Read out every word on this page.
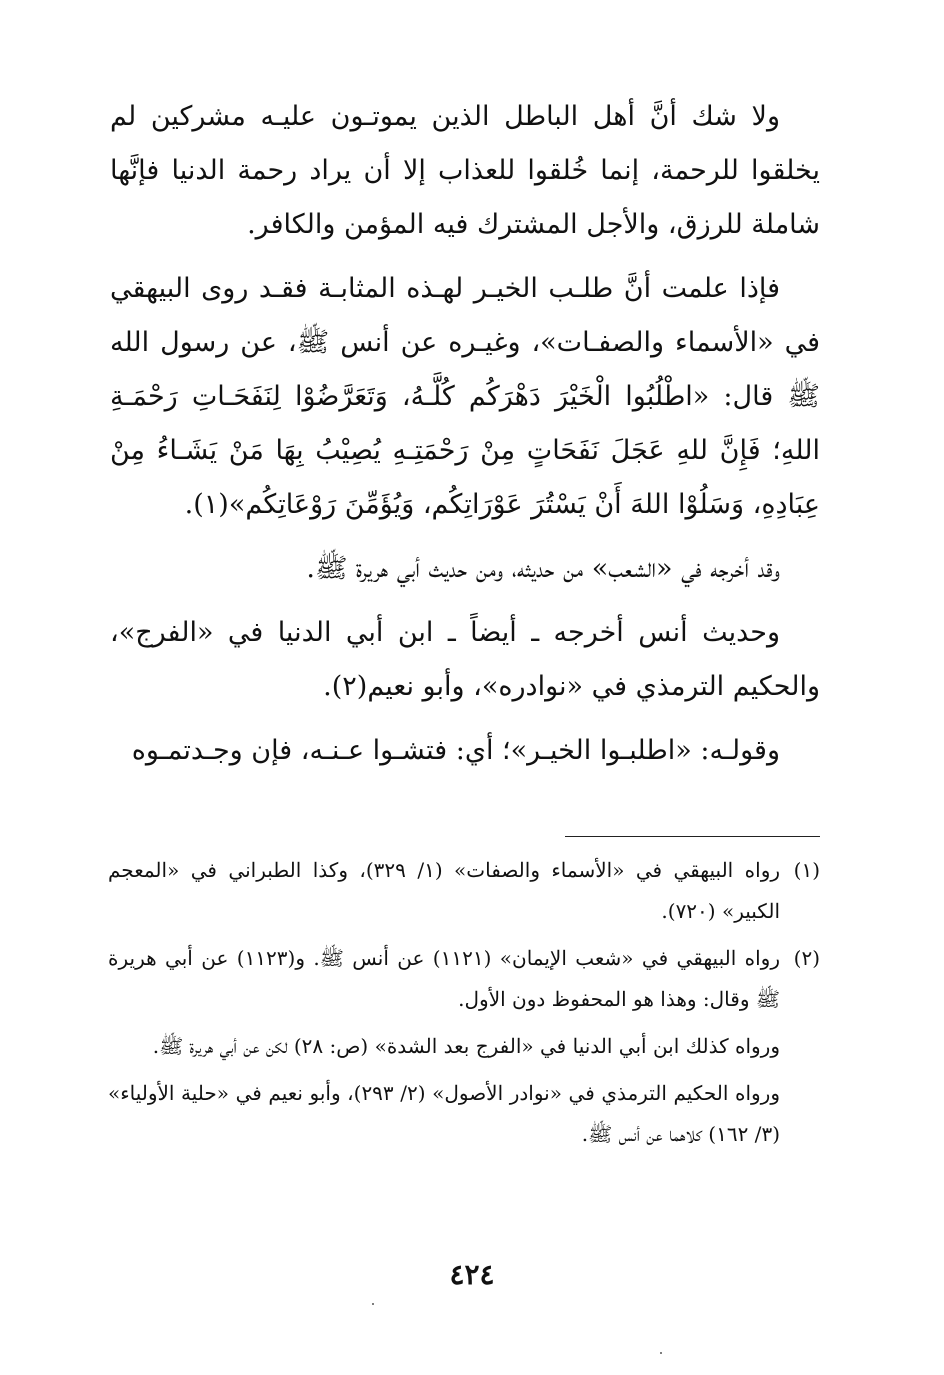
ولا شك أنَّ أهل الباطل الذين يموتـون عليـه مشركين لم يخلقوا للرحمة، إنما خُلقوا للعذاب إلا أن يراد رحمة الدنيا فإنَّها شاملة للرزق، والأجل المشترك فيه المؤمن والكافر.

فإذا علمت أنَّ طلـب الخيـر لهـذه المثابـة فقـد روى البيهقي في «الأسماء والصفـات»، وغيـره عن أنس ﷺ، عن رسول الله ﷺ قال: «اطْلُبُوا الْخَيْرَ دَهْرَكُم كُلَّـهُ، وَتَعَرَّضُوْا لِنَفَحَـاتِ رَحْمَـةِ اللهِ؛ فَإِنَّ للهِ عَجَلَ نَفَحَاتٍ مِنْ رَحْمَتِـهِ يُصِيْبُ بِهَا مَنْ يَشَـاءُ مِنْ عِبَادِهِ، وَسَلُوْا اللهَ أَنْ يَسْتُرَ عَوْرَاتِكُم، وَيُؤَمِّنَ رَوْعَاتِكُم»(١).

وقد أخرجه في «الشعب» من حديثه، ومن حديث أبي هريرة ﷺ.

وحديث أنس أخرجه ـ أيضاً ـ ابن أبي الدنيا في «الفرج»، والحكيم الترمذي في «نوادره»، وأبو نعيم(٢).

وقولـه: «اطلبـوا الخيـر»؛ أي: فتشـوا عـنـه، فإن وجـدتمـوه

(١)
رواه البيهقي في «الأسماء والصفات» (١/ ٣٢٩)، وكذا الطبراني في «المعجم الكبير» (٧٢٠).
(٢)
رواه البيهقي في «شعب الإيمان» (١١٢١) عن أنس ﷺ. و(١١٢٣) عن أبي هريرة ﷺ وقال: وهذا هو المحفوظ دون الأول.
ورواه كذلك ابن أبي الدنيا في «الفرج بعد الشدة» (ص: ٢٨) لكن عن أبي هريرة ﷺ.
ورواه الحكيم الترمذي في «نوادر الأصول» (٢/ ٢٩٣)، وأبو نعيم في «حلية الأولياء» (٣/ ١٦٢) كلاهما عن أنس ﷺ.
٤٢٤
